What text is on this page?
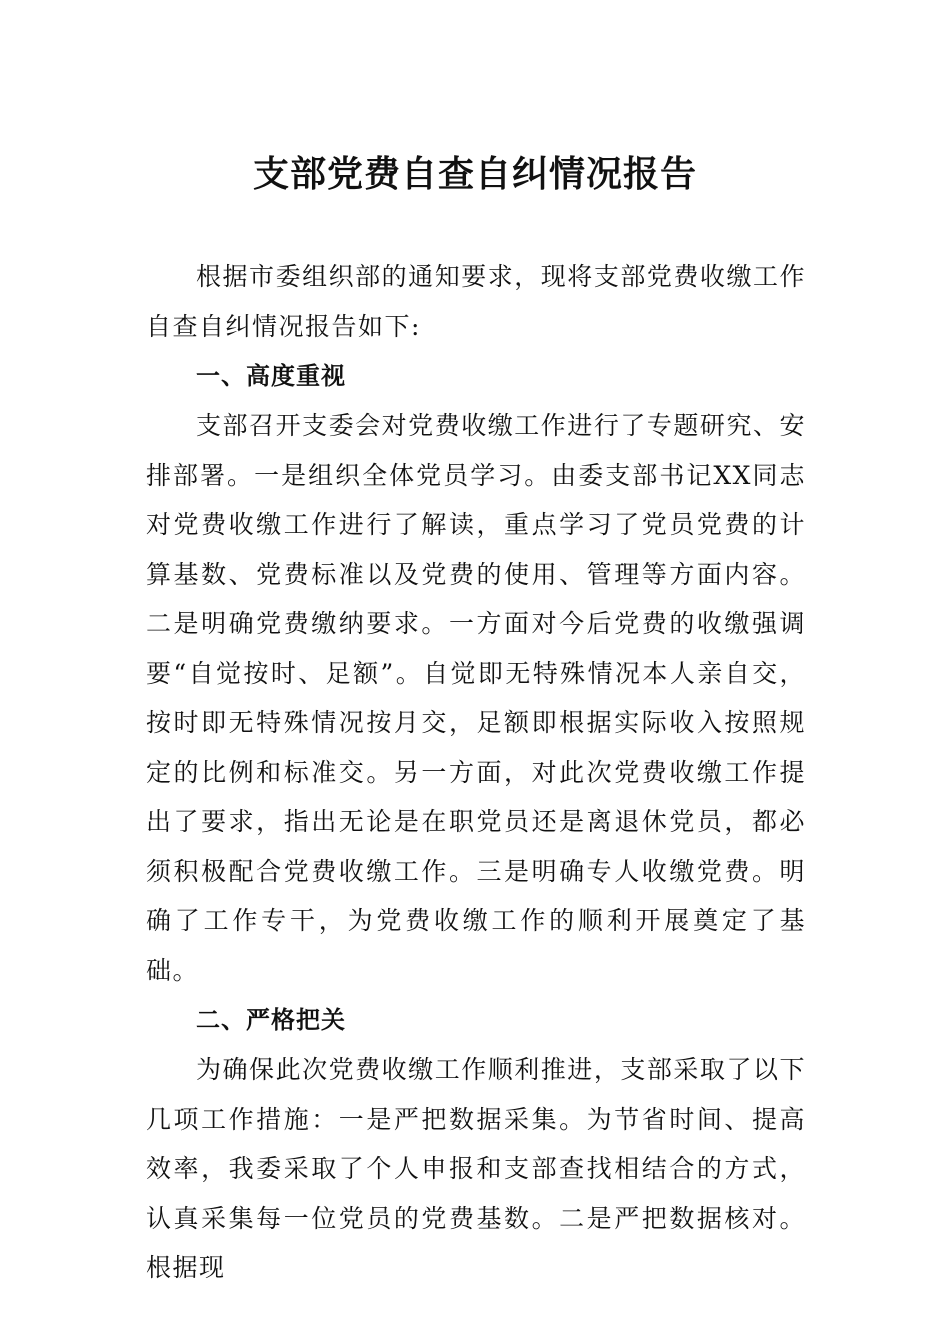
支部党费自查自纠情况报告

根据市委组织部的通知要求，现将支部党费收缴工作自查自纠情况报告如下:

一、高度重视

支部召开支委会对党费收缴工作进行了专题研究、安排部署。一是组织全体党员学习。由委支部书记XX同志对党费收缴工作进行了解读，重点学习了党员党费的计算基数、党费标准以及党费的使用、管理等方面内容。二是明确党费缴纳要求。一方面对今后党费的收缴强调要“自觉按时、足额”。自觉即无特殊情况本人亲自交，按时即无特殊情况按月交，足额即根据实际收入按照规定的比例和标准交。另一方面，对此次党费收缴工作提出了要求，指出无论是在职党员还是离退休党员，都必须积极配合党费收缴工作。三是明确专人收缴党费。明确了工作专干，为党费收缴工作的顺利开展奠定了基础。

二、严格把关

为确保此次党费收缴工作顺利推进，支部采取了以下几项工作措施：一是严把数据采集。为节省时间、提高效率，我委采取了个人申报和支部查找相结合的方式，认真采集每一位党员的党费基数。二是严把数据核对。根据现
